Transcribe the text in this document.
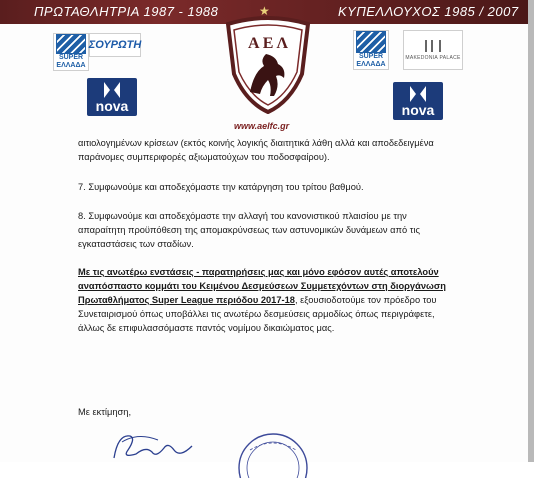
ΠΡΩΤΑΘΛΗΤΡΙΑ 1987 - 1988	★	ΚΥΠΕΛΛΟΥΧΟΣ 1985 / 2007
SUPER
ΕΛΛΑΔΑ
ΣΟΥΡΩΤΗ
nova
Α Ε Λ
www.aelfc.gr
SUPER
ΕΛΛΑΔΑ
MAKEDONIA PALACE
nova
αιτιολογημένων κρίσεων (εκτός κοινής λογικής διαιτητικά λάθη αλλά και αποδεδειγμένα
παράνομες συμπεριφορές αξιωματούχων του ποδοσφαίρου).
7. Συμφωνούμε και αποδεχόμαστε την κατάργηση του τρίτου βαθμού.
8. Συμφωνούμε και αποδεχόμαστε την αλλαγή του κανονιστικού πλαισίου με την
απαραίτητη προϋπόθεση της απομακρύνσεως των αστυνομικών δυνάμεων από τις
εγκαταστάσεις των σταδίων.
Με τις ανωτέρω ενστάσεις - παρατηρήσεις μας και μόνο εφόσον αυτές αποτελούν
αναπόσπαστο κομμάτι του Κειμένου Δεσμεύσεων Συμμετεχόντων στη διοργάνωση
Πρωταθλήματος Super League περιόδου 2017-18, εξουσιοδοτούμε τον πρόεδρο του
Συνεταιρισμού όπως υποβάλλει τις ανωτέρω δεσμεύσεις αρμοδίως όπως περιγράφετε,
άλλως δε επιφυλασσόμαστε παντός νομίμου δικαιώματος μας.
Με εκτίμηση,
